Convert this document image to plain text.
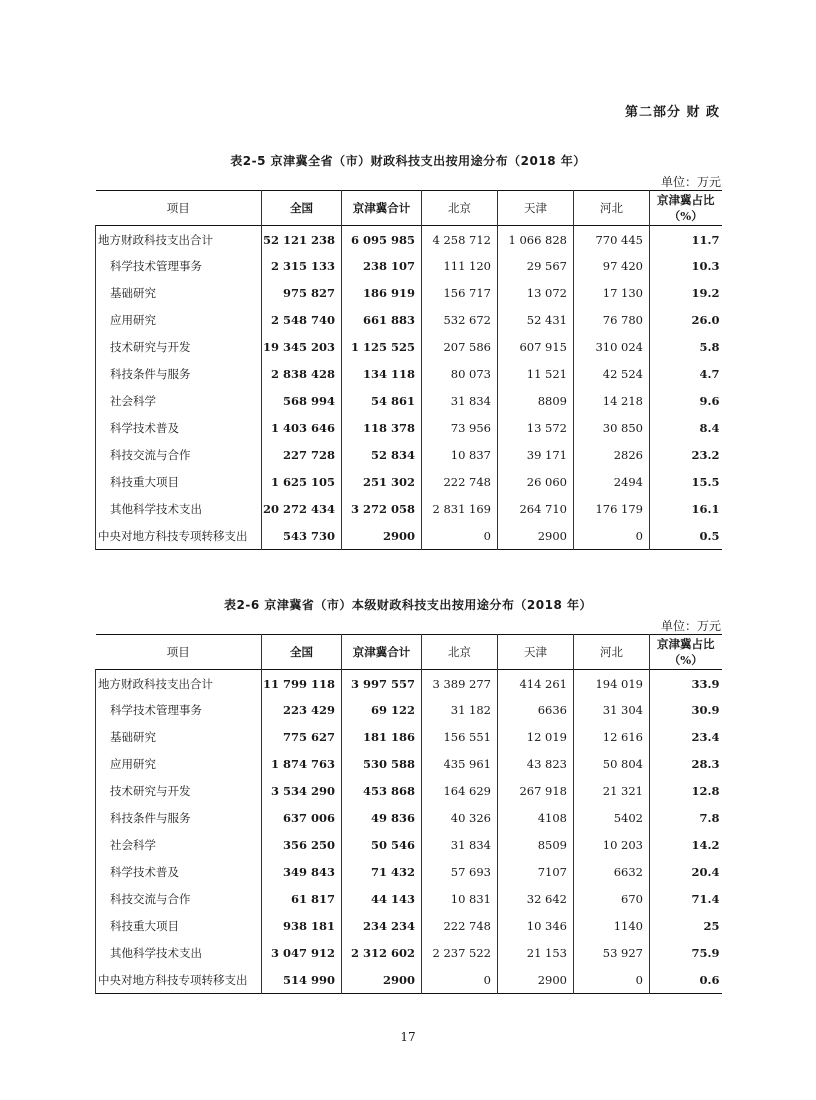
第二部分 财 政
表2-5 京津冀全省（市）财政科技支出按用途分布（2018 年）
单位：万元
项目	全国	京津冀合计	北京	天津	河北	京津冀占比（%）
地方财政科技支出合计	52 121 238	6 095 985	4 258 712	1 066 828	770 445	11.7
科学技术管理事务	2 315 133	238 107	111 120	29 567	97 420	10.3
基础研究	975 827	186 919	156 717	13 072	17 130	19.2
应用研究	2 548 740	661 883	532 672	52 431	76 780	26.0
技术研究与开发	19 345 203	1 125 525	207 586	607 915	310 024	5.8
科技条件与服务	2 838 428	134 118	80 073	11 521	42 524	4.7
社会科学	568 994	54 861	31 834	8809	14 218	9.6
科学技术普及	1 403 646	118 378	73 956	13 572	30 850	8.4
科技交流与合作	227 728	52 834	10 837	39 171	2826	23.2
科技重大项目	1 625 105	251 302	222 748	26 060	2494	15.5
其他科学技术支出	20 272 434	3 272 058	2 831 169	264 710	176 179	16.1
中央对地方科技专项转移支出	543 730	2900	0	2900	0	0.5
表2-6 京津冀省（市）本级财政科技支出按用途分布（2018 年）
单位：万元
项目	全国	京津冀合计	北京	天津	河北	京津冀占比（%）
地方财政科技支出合计	11 799 118	3 997 557	3 389 277	414 261	194 019	33.9
科学技术管理事务	223 429	69 122	31 182	6636	31 304	30.9
基础研究	775 627	181 186	156 551	12 019	12 616	23.4
应用研究	1 874 763	530 588	435 961	43 823	50 804	28.3
技术研究与开发	3 534 290	453 868	164 629	267 918	21 321	12.8
科技条件与服务	637 006	49 836	40 326	4108	5402	7.8
社会科学	356 250	50 546	31 834	8509	10 203	14.2
科学技术普及	349 843	71 432	57 693	7107	6632	20.4
科技交流与合作	61 817	44 143	10 831	32 642	670	71.4
科技重大项目	938 181	234 234	222 748	10 346	1140	25
其他科学技术支出	3 047 912	2 312 602	2 237 522	21 153	53 927	75.9
中央对地方科技专项转移支出	514 990	2900	0	2900	0	0.6
17
